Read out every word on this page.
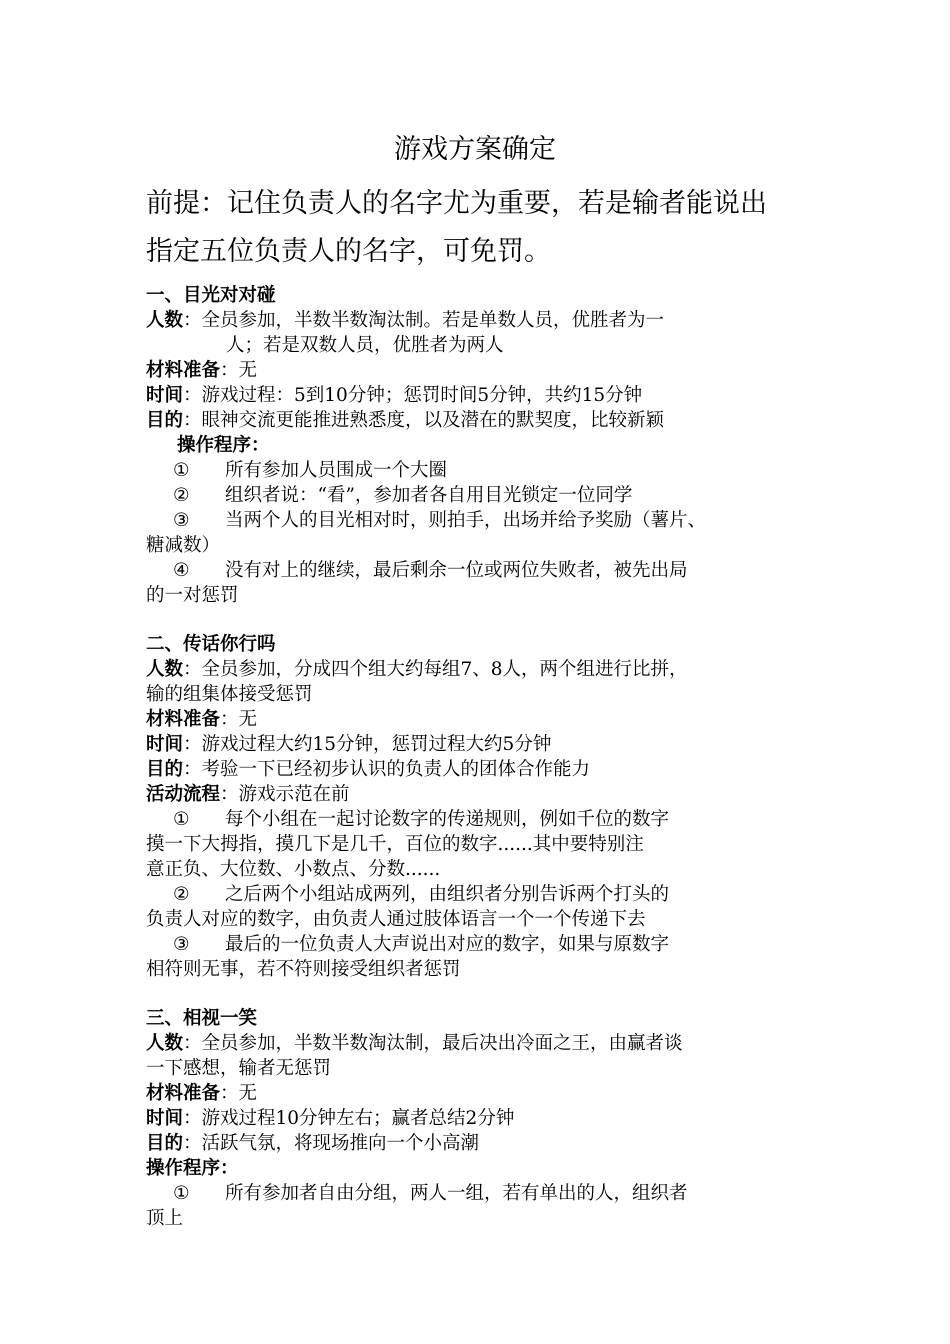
游戏方案确定
前提：记住负责人的名字尤为重要，若是输者能说出
指定五位负责人的名字，可免罚。
一、目光对对碰
人数：全员参加，半数半数淘汰制。若是单数人员，优胜者为一
人；若是双数人员，优胜者为两人
材料准备：无
时间：游戏过程：5到10分钟；惩罚时间5分钟，共约15分钟
目的：眼神交流更能推进熟悉度，以及潜在的默契度，比较新颖
操作程序：
① 所有参加人员围成一个大圈
② 组织者说：“看”，参加者各自用目光锁定一位同学
③ 当两个人的目光相对时，则拍手，出场并给予奖励（薯片、
糖减数）
④ 没有对上的继续，最后剩余一位或两位失败者，被先出局
的一对惩罚
二、传话你行吗
人数：全员参加，分成四个组大约每组7、8人，两个组进行比拼，
输的组集体接受惩罚
材料准备：无
时间：游戏过程大约15分钟，惩罚过程大约5分钟
目的：考验一下已经初步认识的负责人的团体合作能力
活动流程：游戏示范在前
① 每个小组在一起讨论数字的传递规则，例如千位的数字
摸一下大拇指，摸几下是几千，百位的数字......其中要特别注
意正负、大位数、小数点、分数......
② 之后两个小组站成两列，由组织者分别告诉两个打头的
负责人对应的数字，由负责人通过肢体语言一个一个传递下去
③ 最后的一位负责人大声说出对应的数字，如果与原数字
相符则无事，若不符则接受组织者惩罚
三、相视一笑
人数：全员参加，半数半数淘汰制，最后决出冷面之王，由赢者谈
一下感想，输者无惩罚
材料准备：无
时间：游戏过程10分钟左右；赢者总结2分钟
目的：活跃气氛，将现场推向一个小高潮
操作程序：
① 所有参加者自由分组，两人一组，若有单出的人，组织者
顶上
